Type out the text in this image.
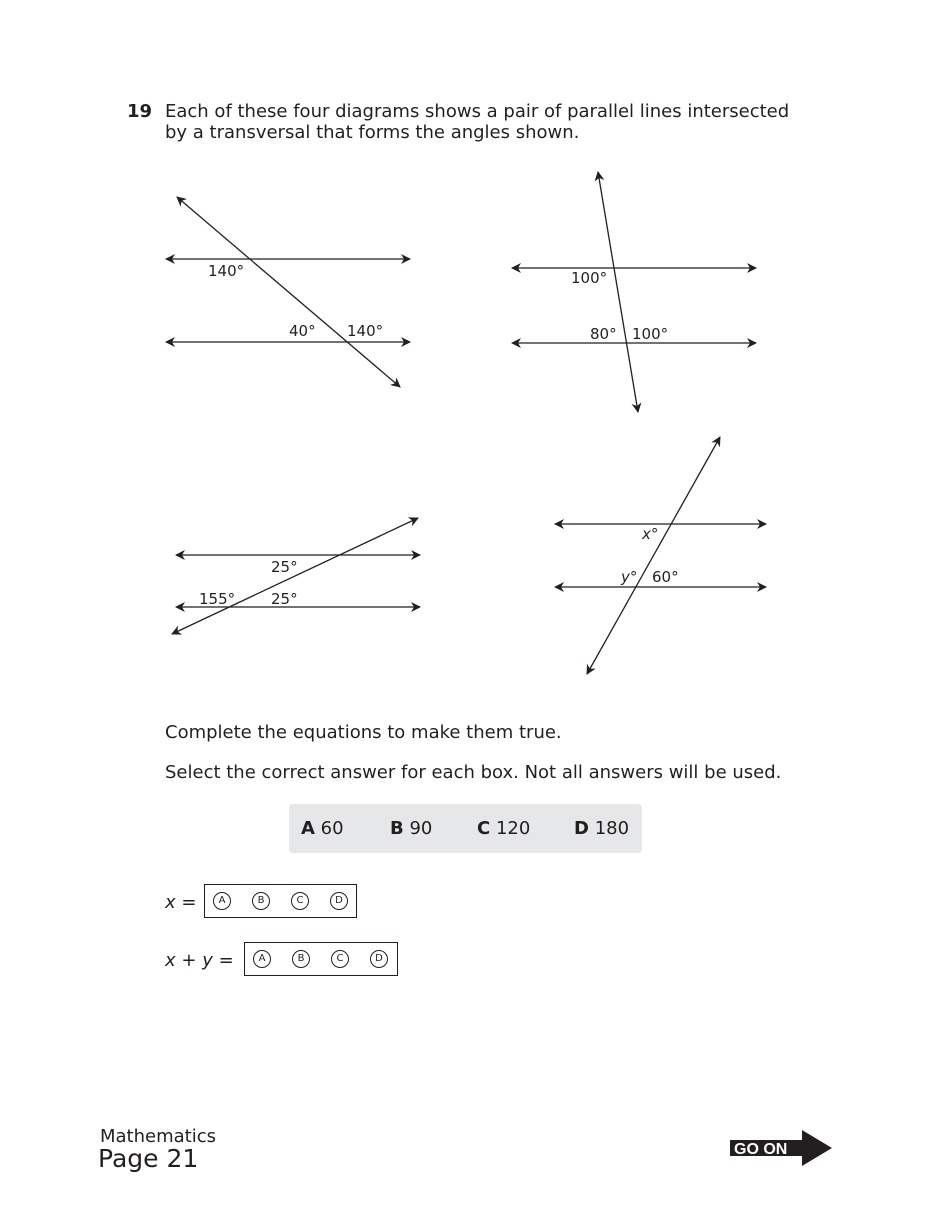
19 Each of these four diagrams shows a pair of parallel lines intersected
by a transversal that forms the angles shown.
140°
40° 140°
100°
80° 100°
25°
155° 25°
x°
y° 60°
Complete the equations to make them true.
Select the correct answer for each box. Not all answers will be used.
A 60	B 90 C 120 D 180
x =	A	B	C	D
x + y =	A	B	C	D
Mathematics
Page 21	GO ON
